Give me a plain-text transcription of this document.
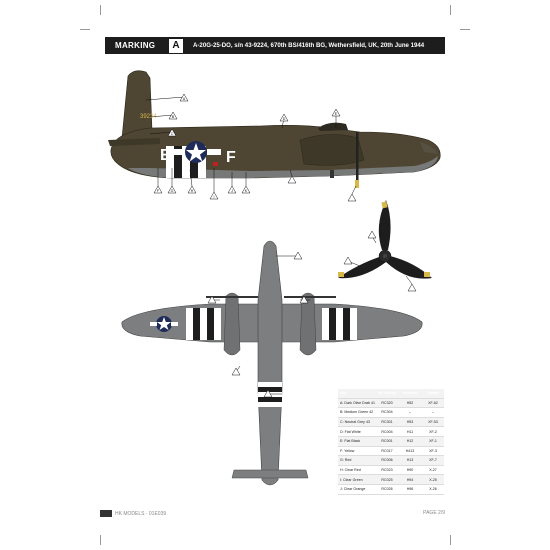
MARKING	A	A-20G-25-DO, s/n 43-9224, 670th BS/416th BG, Wethersfield, UK, 20th June 1944
E	F
39224
A
B
C
D
E
F	G	H
I
J	K
Key	Mr. Hobby	Humbrol	Tamiya
A: Dark Olive Drab 41	RC320	H52	XF-62
B: Medium Green 42	RC304	–	–
C: Neutral Grey 43	RC301	H53	XF-53
D: Flat White	RC004	H11	XF-2
E: Flat Black	RC001	H12	XF-1
F: Yellow	RC017	H413	XF-3
G: Red	RC006	H13	XF-7
H: Clear Red	RC023	H90	X-27
I: Clear Green	RC025	H94	X-25
J: Clear Orange	RC026	H96	X-26
HK MODELS · 01E039	PAGE 2/9
